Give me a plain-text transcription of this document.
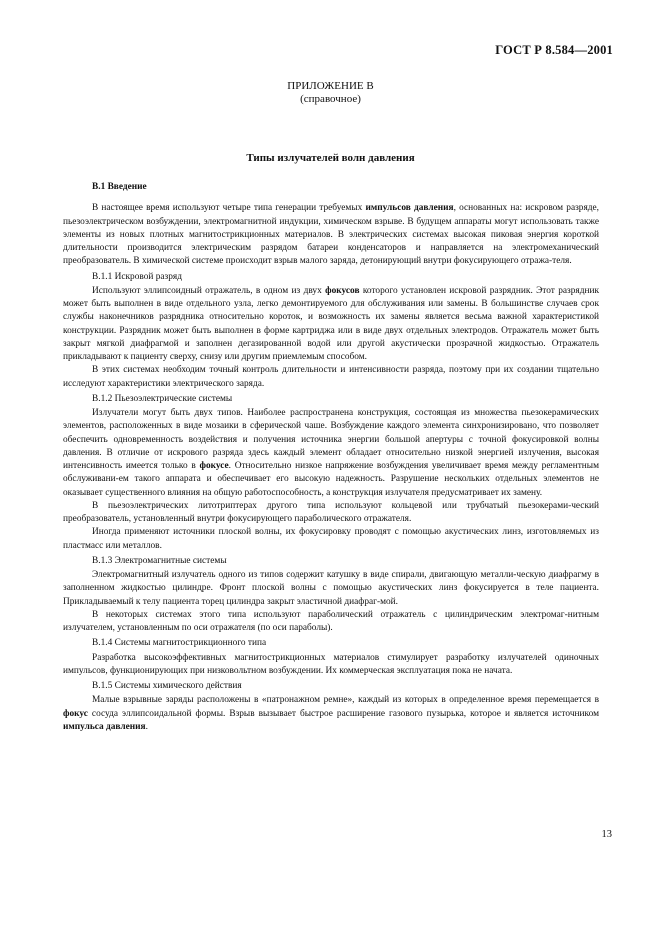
ГОСТ Р 8.584—2001
ПРИЛОЖЕНИЕ В
(справочное)
Типы излучателей волн давления

В.1 Введение

В настоящее время используют четыре типа генерации требуемых импульсов давления, основанных на: искровом разряде, пьезоэлектрическом возбуждении, электромагнитной индукции, химическом взрыве. В будущем аппараты могут использовать также элементы из новых плотных магнитострикционных материалов. В электрических системах высокая пиковая энергия короткой длительности производится электрическим разрядом батареи конденсаторов и направляется на электромеханический преобразователь. В химической системе происходит взрыв малого заряда, детонирующий внутри фокусирующего отража-теля.

В.1.1 Искровой разряд

Используют эллипсоидный отражатель, в одном из двух фокусов которого установлен искровой разрядник. Этот разрядник может быть выполнен в виде отдельного узла, легко демонтируемого для обслуживания или замены. В большинстве случаев срок службы наконечников разрядника относительно короток, и возможность их замены является весьма важной характеристикой конструкции. Разрядник может быть выполнен в форме картриджа или в виде двух отдельных электродов. Отражатель может быть закрыт мягкой диафрагмой и заполнен дегазированной водой или другой акустически прозрачной жидкостью. Отражатель прикладывают к пациенту сверху, снизу или другим приемлемым способом.

В этих системах необходим точный контроль длительности и интенсивности разряда, поэтому при их создании тщательно исследуют характеристики электрического заряда.

В.1.2 Пьезоэлектрические системы

Излучатели могут быть двух типов. Наиболее распространена конструкция, состоящая из множества пьезокерамических элементов, расположенных в виде мозаики в сферической чаше. Возбуждение каждого элемента синхронизировано, что позволяет обеспечить одновременность воздействия и получения источника энергии большой апертуры с точной фокусировкой волны давления. В отличие от искрового разряда здесь каждый элемент обладает относительно низкой энергией излучения, высокая интенсивность имеется только в фокусе. Относительно низкое напряжение возбуждения увеличивает время между регламентным обслуживани-ем такого аппарата и обеспечивает его высокую надежность. Разрушение нескольких отдельных элементов не оказывает существенного влияния на общую работоспособность, а конструкция излучателя предусматривает их замену.

В пьезоэлектрических литотриптерах другого типа используют кольцевой или трубчатый пьезокерами-ческий преобразователь, установленный внутри фокусирующего параболического отражателя.

Иногда применяют источники плоской волны, их фокусировку проводят с помощью акустических линз, изготовляемых из пластмасс или металлов.

В.1.3 Электромагнитные системы

Электромагнитный излучатель одного из типов содержит катушку в виде спирали, двигающую металли-ческую диафрагму в заполненном жидкостью цилиндре. Фронт плоской волны с помощью акустических линз фокусируется в теле пациента. Прикладываемый к телу пациента торец цилиндра закрыт эластичной диафраг-мой.

В некоторых системах этого типа используют параболический отражатель с цилиндрическим электромаг-нитным излучателем, установленным по оси отражателя (по оси параболы).

В.1.4 Системы магнитострикционного типа

Разработка высокоэффективных магнитострикционных материалов стимулирует разработку излучателей одиночных импульсов, функционирующих при низковольтном возбуждении. Их коммерческая эксплуатация пока не начата.

В.1.5 Системы химического действия

Малые взрывные заряды расположены в «патронажном ремне», каждый из которых в определенное время перемещается в фокус сосуда эллипсоидальной формы. Взрыв вызывает быстрое расширение газового пузырька, которое и является источником импульса давления.

13
